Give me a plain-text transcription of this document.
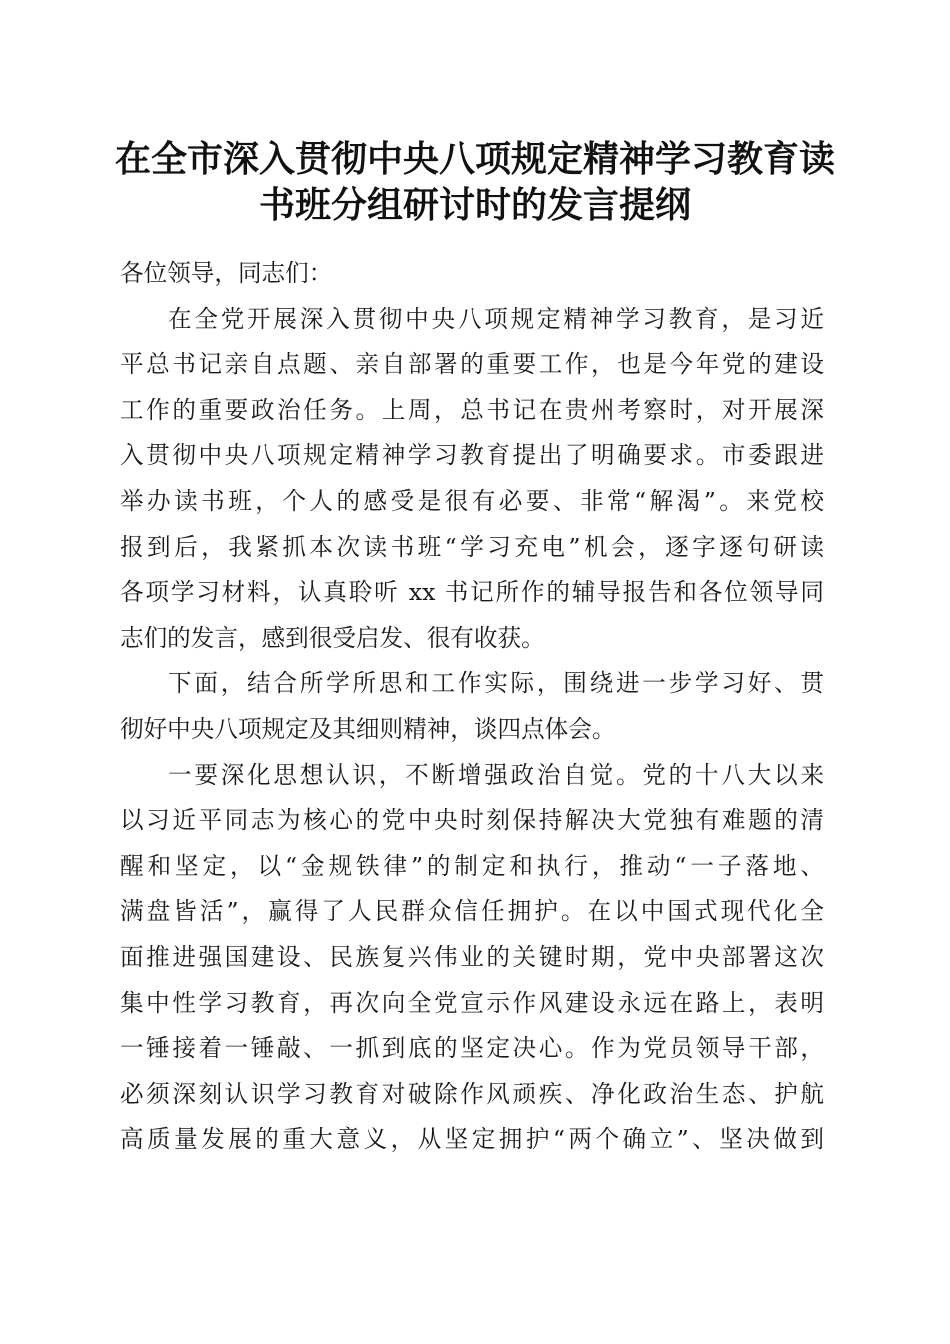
在全市深入贯彻中央八项规定精神学习教育读
书班分组研讨时的发言提纲
各位领导，同志们：
在全党开展深入贯彻中央八项规定精神学习教育，是习近
平总书记亲自点题、亲自部署的重要工作，也是今年党的建设
工作的重要政治任务。上周，总书记在贵州考察时，对开展深
入贯彻中央八项规定精神学习教育提出了明确要求。市委跟进
举办读书班，个人的感受是很有必要、非常“解渴”。来党校
报到后，我紧抓本次读书班“学习充电”机会，逐字逐句研读
各项学习材料，认真聆听 xx 书记所作的辅导报告和各位领导同
志们的发言，感到很受启发、很有收获。
下面，结合所学所思和工作实际，围绕进一步学习好、贯
彻好中央八项规定及其细则精神，谈四点体会。
一要深化思想认识，不断增强政治自觉。党的十八大以来
以习近平同志为核心的党中央时刻保持解决大党独有难题的清
醒和坚定，以“金规铁律”的制定和执行，推动“一子落地、
满盘皆活”，赢得了人民群众信任拥护。在以中国式现代化全
面推进强国建设、民族复兴伟业的关键时期，党中央部署这次
集中性学习教育，再次向全党宣示作风建设永远在路上，表明
一锤接着一锤敲、一抓到底的坚定决心。作为党员领导干部，
必须深刻认识学习教育对破除作风顽疾、净化政治生态、护航
高质量发展的重大意义，从坚定拥护“两个确立”、坚决做到
